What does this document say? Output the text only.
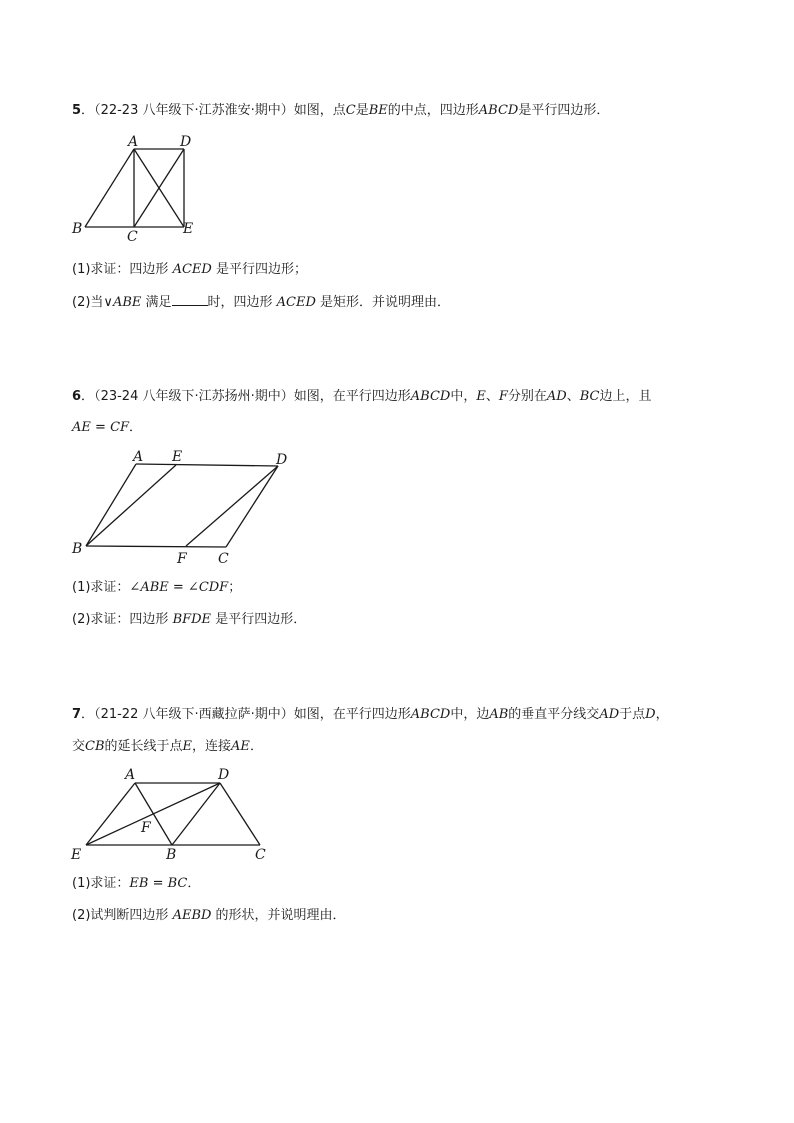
5．（22-23 八年级下·江苏淮安·期中）如图，点C是BE的中点，四边形ABCD是平行四边形．
A	D
B	C	E
(1)求证：四边形 ACED 是平行四边形；
(2)当∨ABE 满足	时，四边形 ACED 是矩形．并说明理由．
6．（23-24 八年级下·江苏扬州·期中）如图，在平行四边形ABCD中，E、F分别在AD、BC边上，且
AE = CF．
A E	D
B
F C
(1)求证：∠ABE = ∠CDF；
(2)求证：四边形 BFDE 是平行四边形．
7．（21-22 八年级下·西藏拉萨·期中）如图，在平行四边形ABCD中，边AB的垂直平分线交AD于点D，
交CB的延长线于点E，连接AE．
A	D
F
E	B	C
(1)求证：EB = BC．
(2)试判断四边形 AEBD 的形状，并说明理由．
